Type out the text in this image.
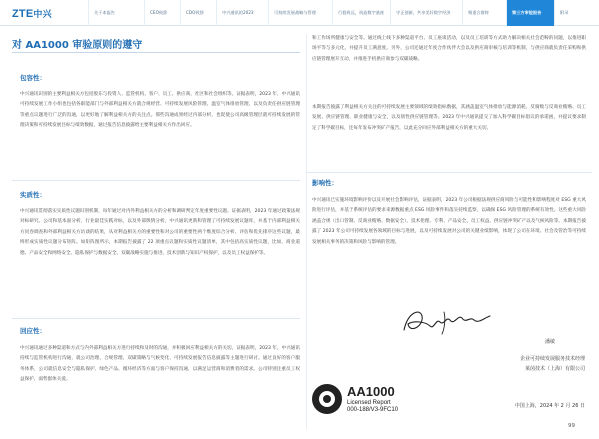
ZTE中兴	关于本报告	CEO致辞	CDO致辞	中兴通讯的2023	可持续发展战略与管理	行稳致远，筑造数字基座	守正创新，共享美好数字经济	聚重合群终	第三方审验报告	附录
对 AA1000 审验原则的遵守
包容性：
中兴通讯识别的主要利益相关方包括股东与投资人、监管机构、客户、员工、供应商、社区和社会组织等。证据表明，2023 年，中兴通讯可持续发展工作小组也包括各职能部门与外部利益相关方就合规经营、可持续发展风险管理、温室气体排放管理，以及负责任供应链管理等重点议题进行广泛的沟通，以更好地了解利益相关方的关注点。那些沟通成果经过内部分析，也促使公司高级管理层就可持续发展的管理决策和可持续发展目标与绩效数据，通过报告信息披露给主要利益相关方作出回应。
实质性：
中兴通讯贯彻落实实质性议题识别机制，每年通过对内外利益相关方的分析和调研判定年度重要性议题。证据表明，2023 年通过政策法规对标研究、公司和基本面分析、行业最佳实践对标，以及外部舆情分析，中兴通讯更新和管理了可持续发展议题库，并基于内部利益相关方问卷调查和外部利益相关方访谈的结果，从对利益相关方的重要性和对公司的重要性两个维度综合分析、评估和优先排序这些议题，最终形成实质性议题分布矩阵。如矩阵图所示，本期报告披露了 22 项重点议题和实质性议题清单，其中包括高实质性议题，比如，商业道德、产品安全和网络安全、隐私保护与数据安全、双碳战略实施与推进、技术创新与知识产权保护，以及员工权益保护等。
回应性：
中兴通讯通过多种渠道和方式与内外部利益相关方进行持续和及时的沟通，并积极回应利益相关方的关切。证据表明，2023 年，中兴通讯持续与监管机构进行沟通，就公司治理、合规管理、双碳策略与气候变化、可持续发展报告信息披露等主题进行研讨。通过良好的客户服务体系，公司就信息安全与隐私保护、绿色产品、循环经济等方面与客户保持沟通，以满足运营商和消费者的需求。公司特别注重员工权益保护、弱势群体关爱。
和工作场所健康与安全等。通过线上线下多种渠道平台、员工座谈活动，以及员工培训等方式助力解决相关社会范畴的问题，以推进职场平等与多元化，并提升员工满意度。另外，公司还通过年度合作伙伴大会以及供应商审核与培训等机制，与供应商就负责任采购和供应链管理展开互动，并推进手机供应商参与双碳战略。
本期报告披露了利益相关方关注的可持续发展主要领域的绩效指标数据，其涵盖温室气体排放与能源消耗、反腐败与反商业贿赂、员工发展、供应链管理、职业健康与安全，以及韧性供应链管理等。2023 年中兴通讯提交了加入科学碳目标倡议的承诺函，并提议要求制定了科学碳目标，还每年发布冲突矿产报告，以此充分回应外部利益相关方的重大关切。
影响性：
中兴通讯已实施环境影响评价以及开展社会影响评估，证据表明，2023 年公司根据法规供应商风险与可能性和影响程度对 ESG 重大风险进行评估，并基于系统评估的要求来源数据重点 ESG 风险事件和落实持续监察，以确保 ESG 风险管理的系统有效性。这些重大风险涵盖合规（出口管制、反商业贿赂、数据安全）、技术伦理、专利、产品安全、员工权益、供应链冲突矿产以及气候风险等。本期报告披露了 2023 年公司可持续发展各领域的目标与进展，以及可持续发展对公司的关键业绩影响，体现了公司在环境、社会及管治等可持续发展相关事务的决策和风险与影响的管理。
潘敏
企业可持续发展服务技术经理
莱茵技术（上海）有限公司
AA1000
Licensed Report
000-188/V3-9FC10
中国上海，2024 年 2 月 26 日
99
